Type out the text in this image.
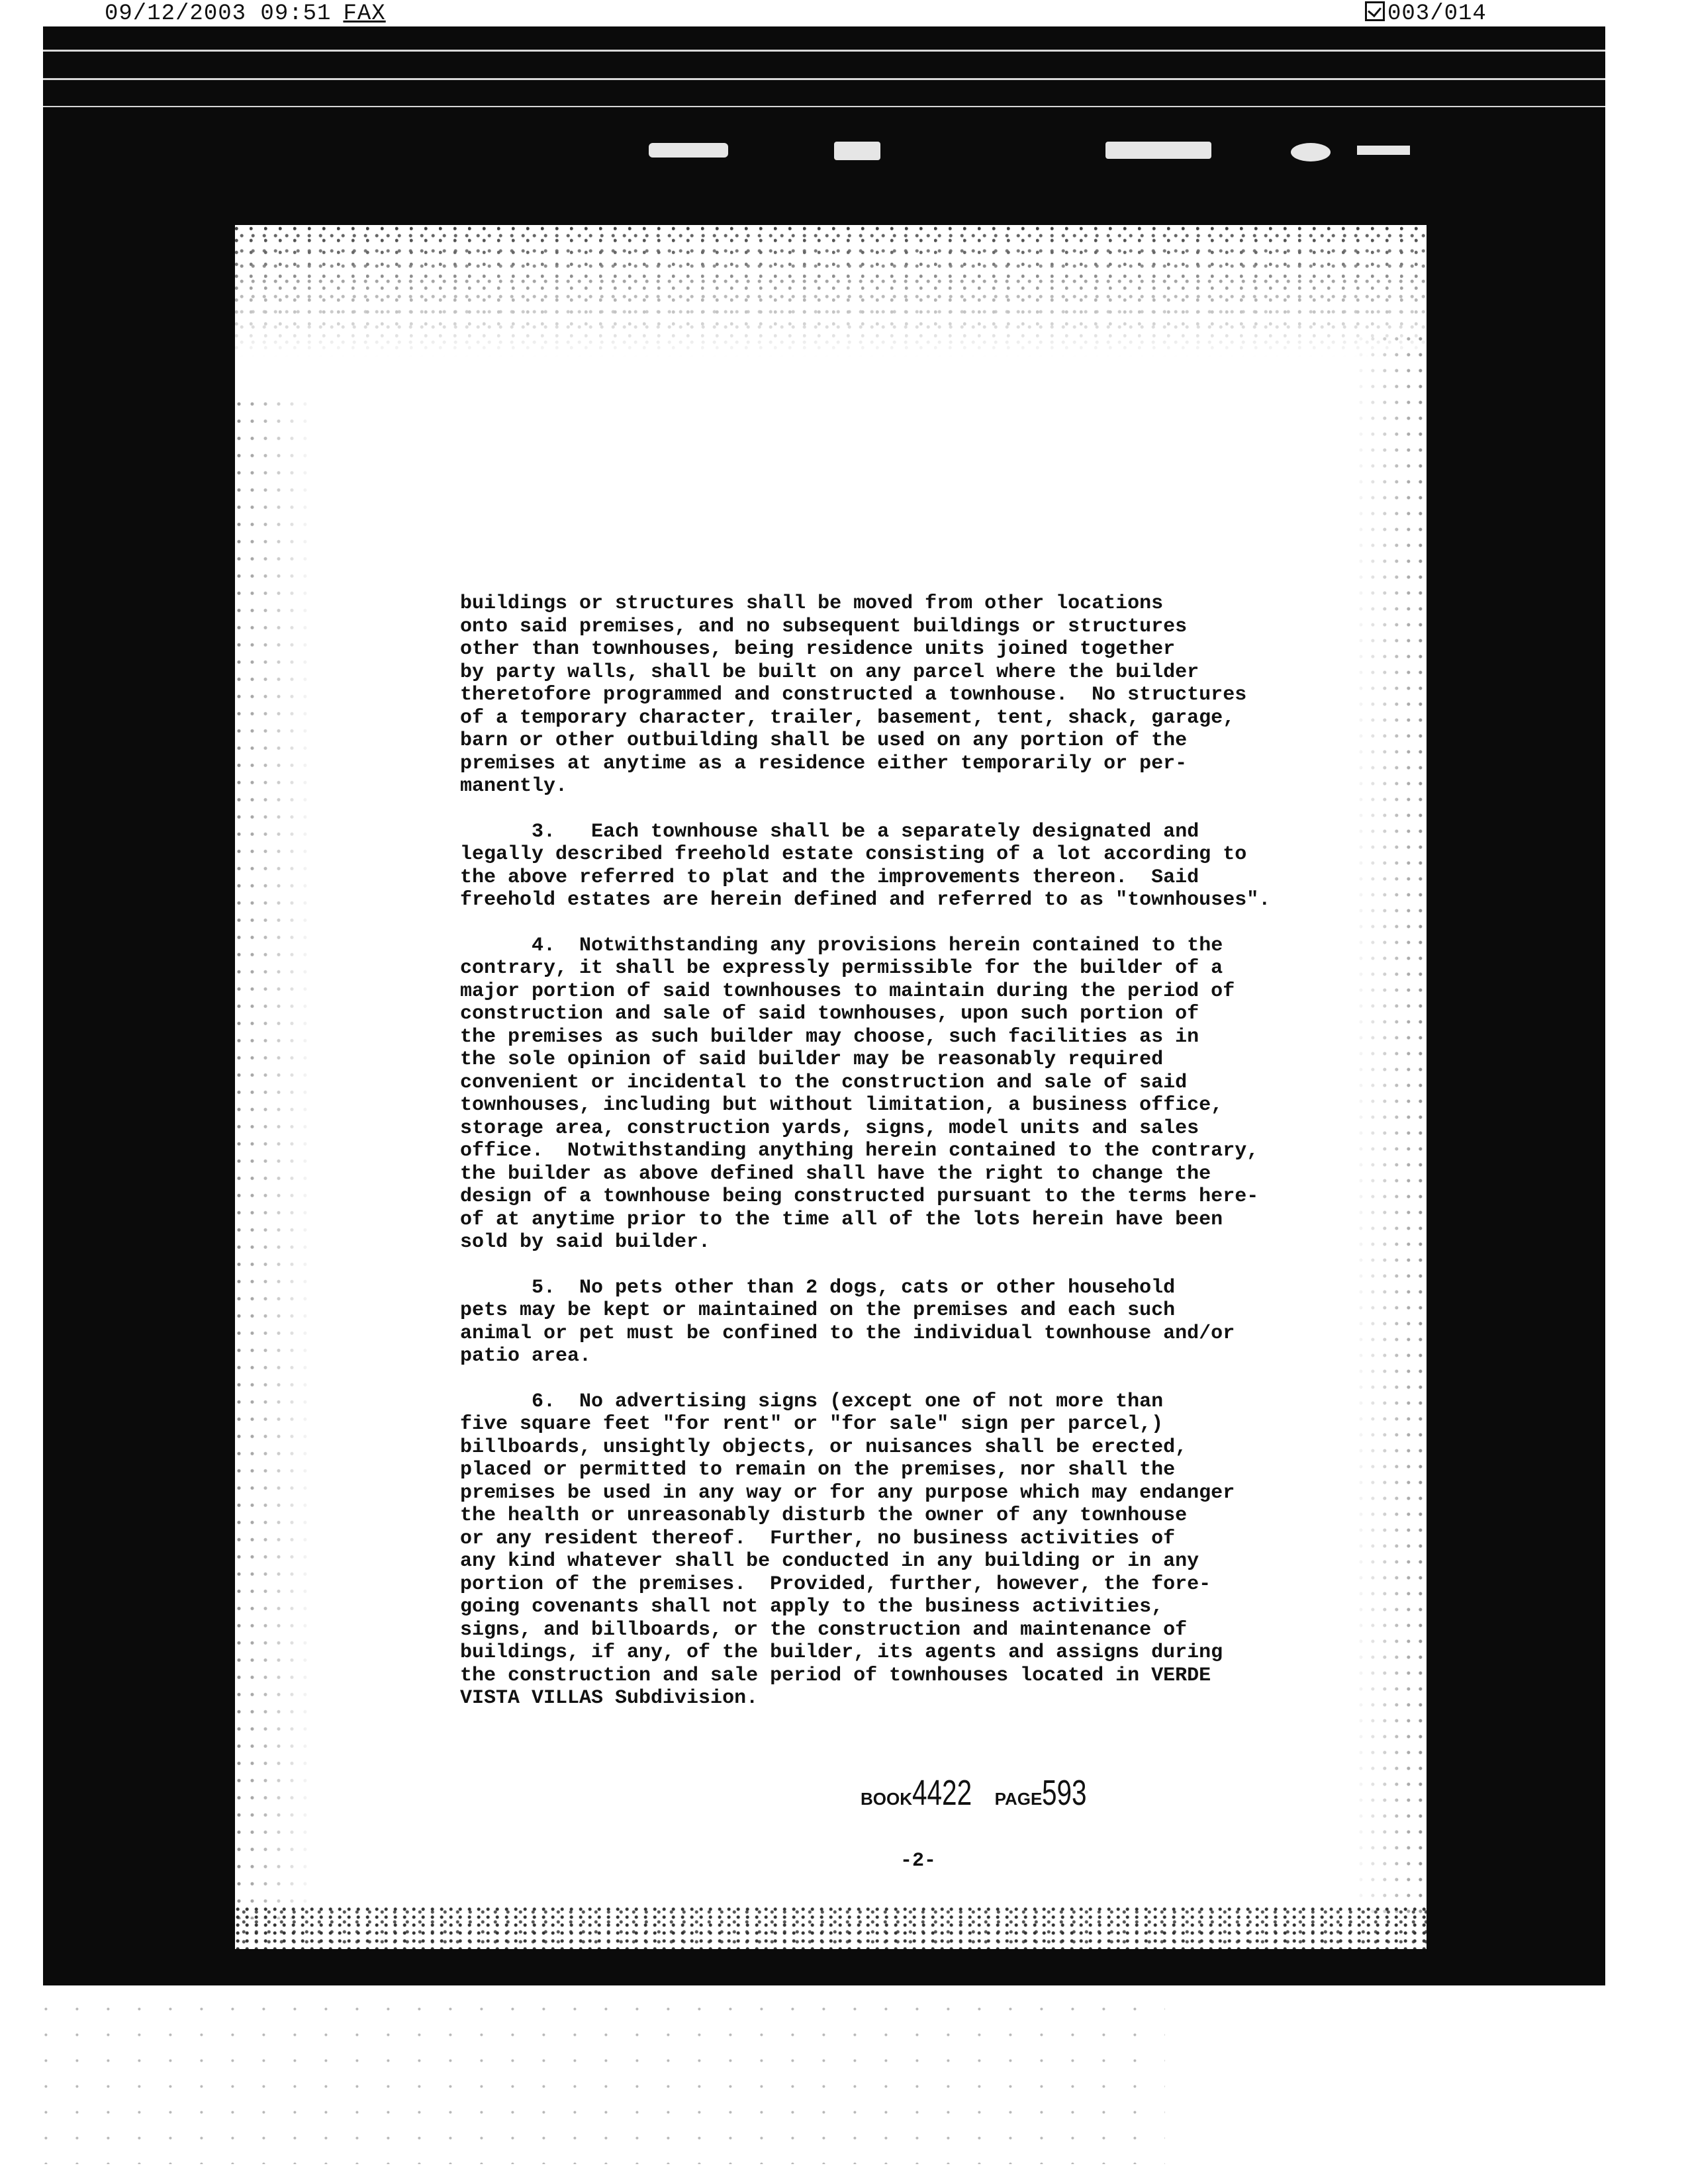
09/12/2003 09:51 FAX	003/014

buildings or structures shall be moved from other locations
onto said premises, and no subsequent buildings or structures
other than townhouses, being residence units joined together
by party walls, shall be built on any parcel where the builder
theretofore programmed and constructed a townhouse.  No structures
of a temporary character, trailer, basement, tent, shack, garage,
barn or other outbuilding shall be used on any portion of the
premises at anytime as a residence either temporarily or per-
manently.

3.   Each townhouse shall be a separately designated and
legally described freehold estate consisting of a lot according to
the above referred to plat and the improvements thereon.  Said
freehold estates are herein defined and referred to as "townhouses".

4.  Notwithstanding any provisions herein contained to the
contrary, it shall be expressly permissible for the builder of a
major portion of said townhouses to maintain during the period of
construction and sale of said townhouses, upon such portion of
the premises as such builder may choose, such facilities as in
the sole opinion of said builder may be reasonably required
convenient or incidental to the construction and sale of said
townhouses, including but without limitation, a business office,
storage area, construction yards, signs, model units and sales
office.  Notwithstanding anything herein contained to the contrary,
the builder as above defined shall have the right to change the
design of a townhouse being constructed pursuant to the terms here-
of at anytime prior to the time all of the lots herein have been
sold by said builder.

5.  No pets other than 2 dogs, cats or other household
pets may be kept or maintained on the premises and each such
animal or pet must be confined to the individual townhouse and/or
patio area.

6.  No advertising signs (except one of not more than
five square feet "for rent" or "for sale" sign per parcel,)
billboards, unsightly objects, or nuisances shall be erected,
placed or permitted to remain on the premises, nor shall the
premises be used in any way or for any purpose which may endanger
the health or unreasonably disturb the owner of any townhouse
or any resident thereof.  Further, no business activities of
any kind whatever shall be conducted in any building or in any
portion of the premises.  Provided, further, however, the fore-
going covenants shall not apply to the business activities,
signs, and billboards, or the construction and maintenance of
buildings, if any, of the builder, its agents and assigns during
the construction and sale period of townhouses located in VERDE
VISTA VILLAS Subdivision.

BOOK4422 PAGE593
-2-
